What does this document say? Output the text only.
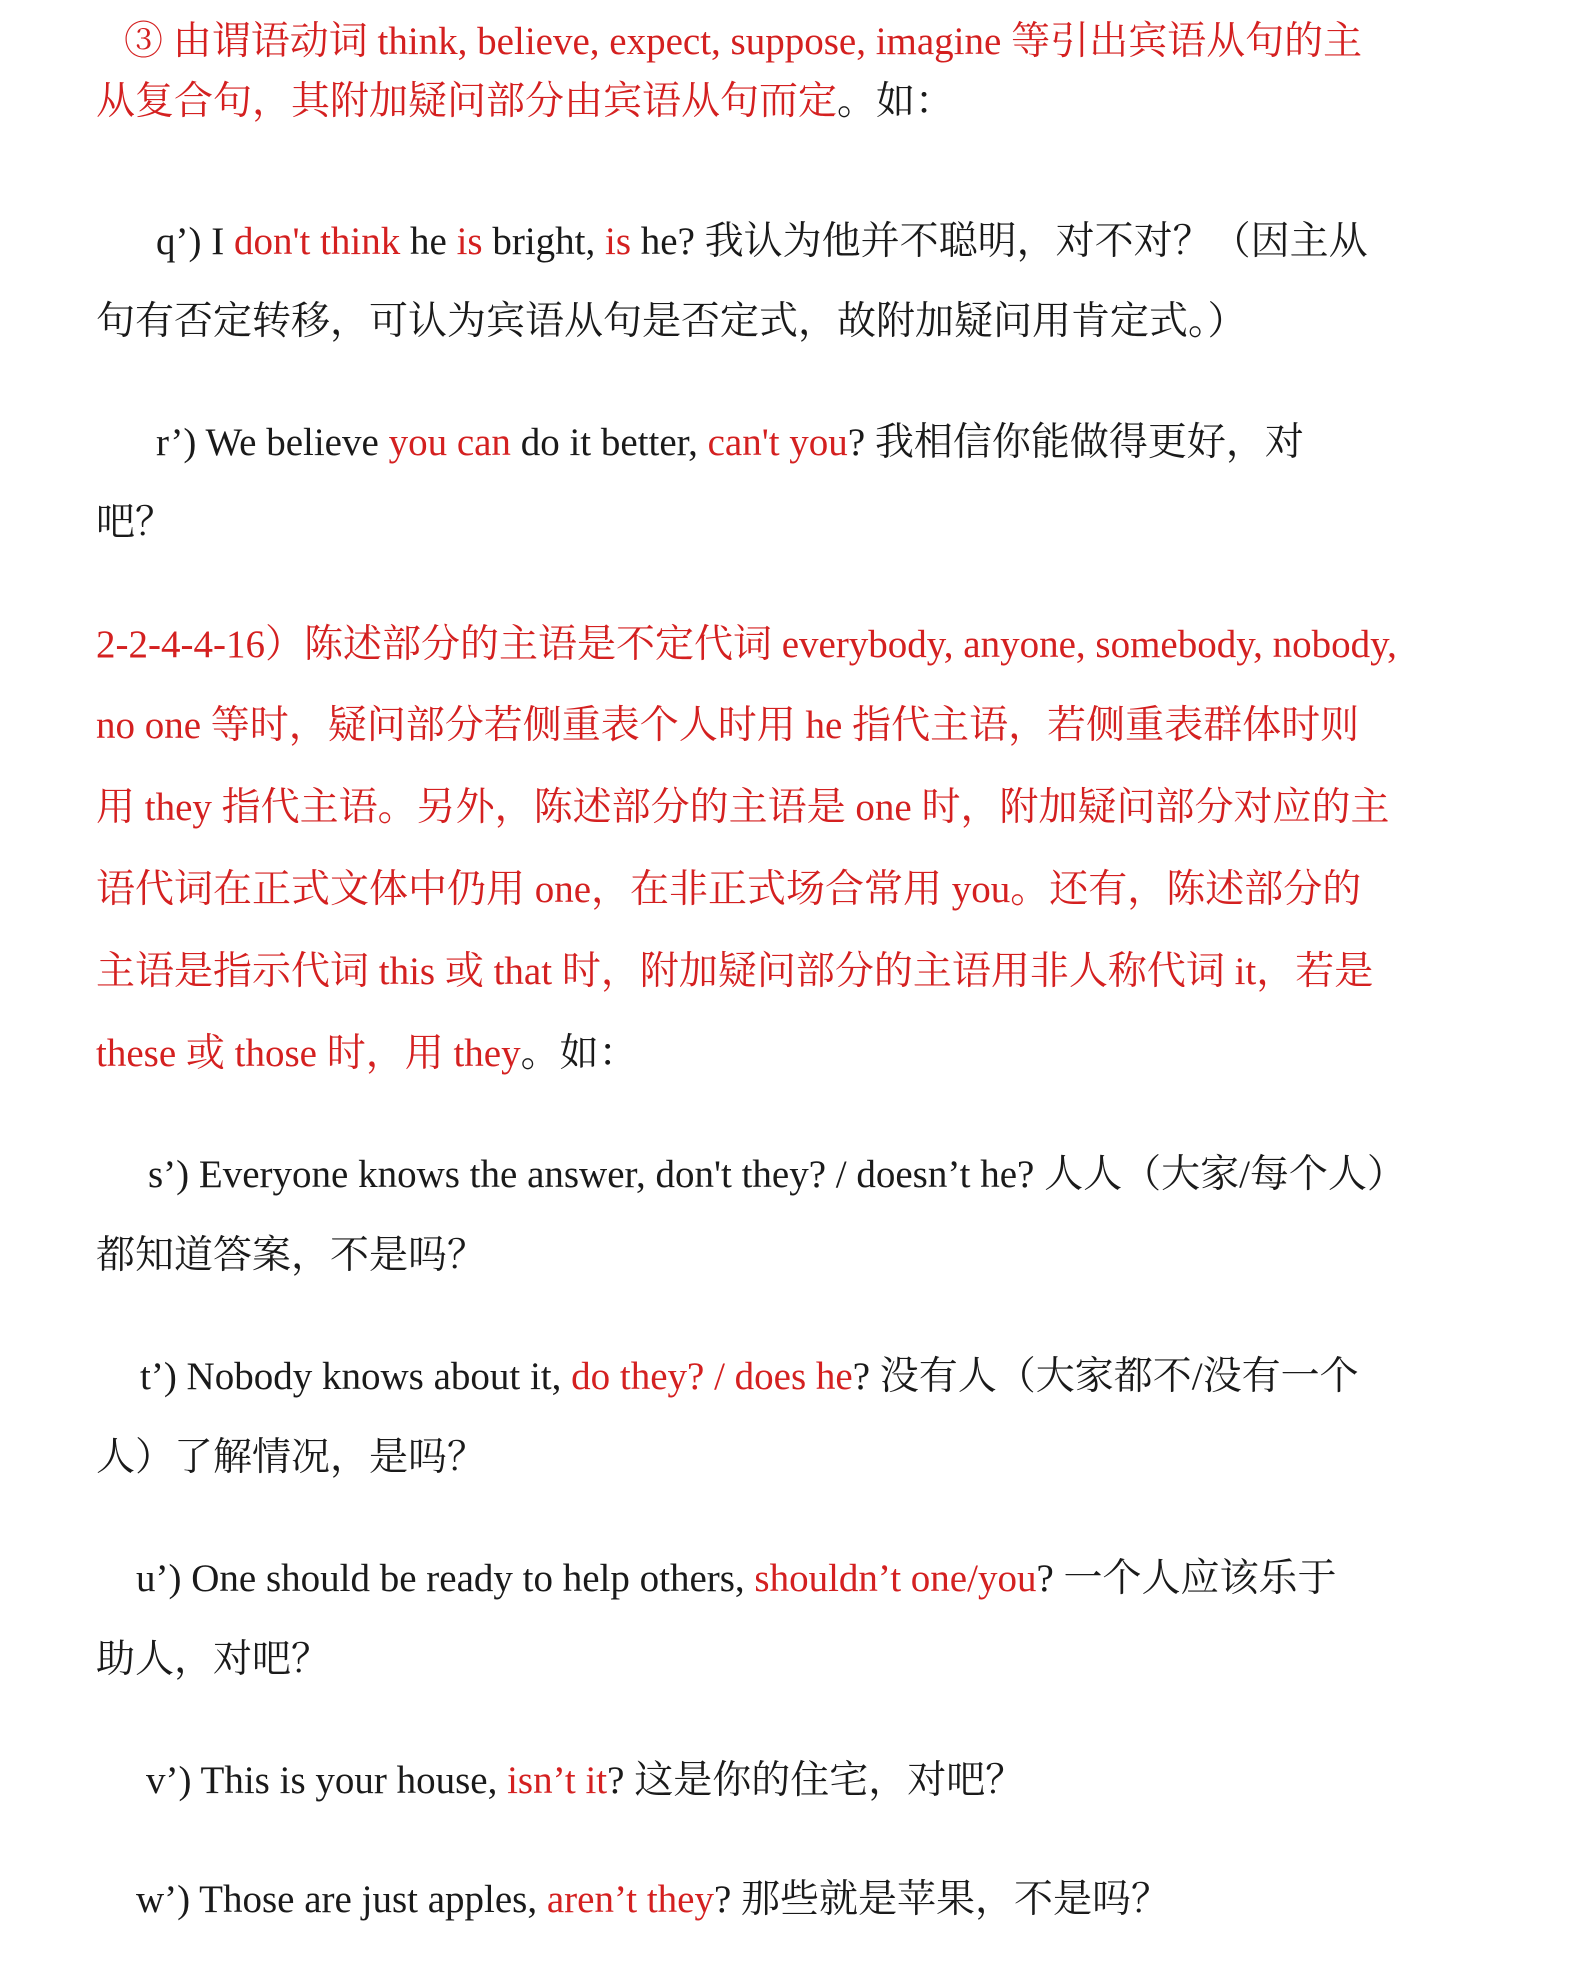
③ 由谓语动词 think, believe, expect, suppose, imagine 等引出宾语从句的主
从复合句，其附加疑问部分由宾语从句而定。如：
q’) I don't think he is bright, is he? 我认为他并不聪明，对不对？（因主从
句有否定转移，可认为宾语从句是否定式，故附加疑问用肯定式。）
r’) We believe you can do it better, can't you? 我相信你能做得更好，对
吧？
2-2-4-4-16）陈述部分的主语是不定代词 everybody, anyone, somebody, nobody,
no one 等时，疑问部分若侧重表个人时用 he 指代主语，若侧重表群体时则
用 they 指代主语。另外，陈述部分的主语是 one 时，附加疑问部分对应的主
语代词在正式文体中仍用 one，在非正式场合常用 you。还有，陈述部分的
主语是指示代词 this 或 that 时，附加疑问部分的主语用非人称代词 it，若是
these 或 those 时，用 they。如：
s’) Everyone knows the answer, don't they? / doesn’t he? 人人（大家/每个人）
都知道答案，不是吗？
t’) Nobody knows about it, do they? / does he? 没有人（大家都不/没有一个
人）了解情况，是吗？
u’) One should be ready to help others, shouldn’t one/you? 一个人应该乐于
助人，对吧？
v’) This is your house, isn’t it? 这是你的住宅，对吧？
w’) Those are just apples, aren’t they? 那些就是苹果，不是吗？
